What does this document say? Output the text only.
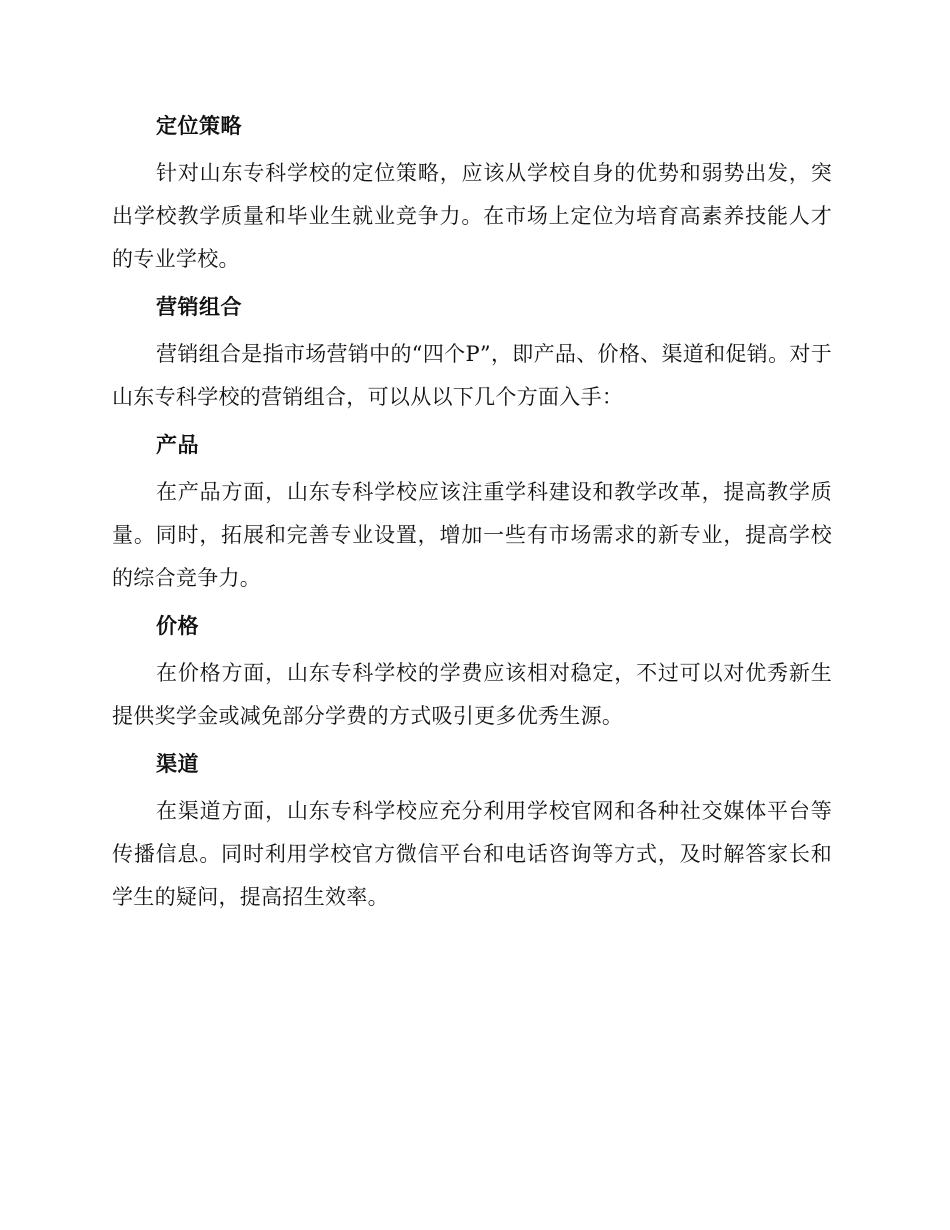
定位策略

针对山东专科学校的定位策略，应该从学校自身的优势和弱势出发，突出学校教学质量和毕业生就业竞争力。在市场上定位为培育高素养技能人才的专业学校。

营销组合

营销组合是指市场营销中的“四个P”，即产品、价格、渠道和促销。对于山东专科学校的营销组合，可以从以下几个方面入手：

产品

在产品方面，山东专科学校应该注重学科建设和教学改革，提高教学质量。同时，拓展和完善专业设置，增加一些有市场需求的新专业，提高学校的综合竞争力。

价格

在价格方面，山东专科学校的学费应该相对稳定，不过可以对优秀新生提供奖学金或减免部分学费的方式吸引更多优秀生源。

渠道

在渠道方面，山东专科学校应充分利用学校官网和各种社交媒体平台等传播信息。同时利用学校官方微信平台和电话咨询等方式，及时解答家长和学生的疑问，提高招生效率。
